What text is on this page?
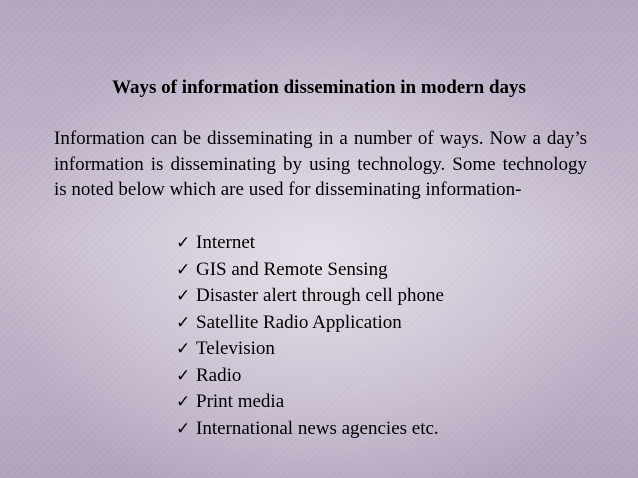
Ways of information dissemination in modern days

Information can be disseminating in a number of ways. Now a day’s information is disseminating by using technology. Some technology is noted below which are used for disseminating information-

✓ Internet
✓ GIS and Remote Sensing
✓ Disaster alert through cell phone
✓ Satellite Radio Application
✓ Television
✓ Radio
✓ Print media
✓ International news agencies etc.
